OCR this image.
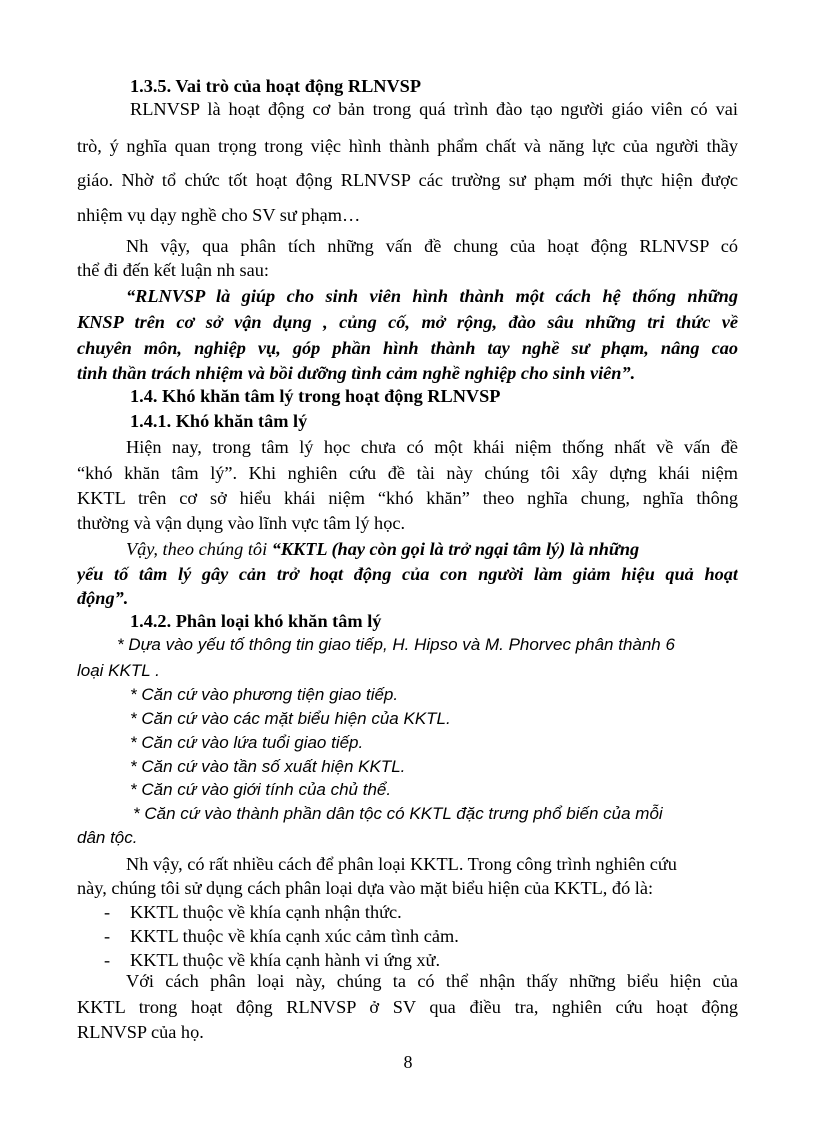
1.3.5. Vai trò của hoạt động RLNVSP

RLNVSP là hoạt động cơ bản trong quá trình đào tạo người giáo viên có vai

trò, ý nghĩa quan trọng trong việc hình thành phẩm chất và năng lực của người thầy

giáo. Nhờ tổ chức tốt hoạt động RLNVSP các trường sư phạm mới thực hiện được

nhiệm vụ dạy nghề cho SV sư phạm…

Nh vậy, qua phân tích những vấn đề chung của hoạt động RLNVSP có

thể đi đến kết luận nh sau:

“RLNVSP là giúp cho sinh viên hình thành một cách hệ thống những

KNSP trên cơ sở vận dụng , củng cố, mở rộng, đào sâu những tri thức về

chuyên môn, nghiệp vụ, góp phần hình thành tay nghề sư phạm, nâng cao

tinh thần trách nhiệm và bồi dưỡng tình cảm nghề nghiệp cho sinh viên”.

1.4. Khó khăn tâm lý trong hoạt động RLNVSP

1.4.1. Khó khăn tâm lý

Hiện nay, trong tâm lý học chưa có một khái niệm thống nhất về vấn đề

“khó khăn tâm lý”. Khi nghiên cứu đề tài này chúng tôi xây dựng khái niệm

KKTL trên cơ sở hiểu khái niệm “khó khăn” theo nghĩa chung, nghĩa thông

thường và vận dụng vào lĩnh vực tâm lý học.

Vậy, theo chúng tôi “KKTL (hay còn gọi là trở ngại tâm lý) là những

yếu tố tâm lý gây cản trở hoạt động của con người làm giảm hiệu quả hoạt

động”.

1.4.2. Phân loại khó khăn tâm lý

* Dựa vào yếu tố thông tin giao tiếp, H. Hipso và M. Phorvec phân thành 6

loại KKTL .

* Căn cứ vào phương tiện giao tiếp.

* Căn cứ vào các mặt biểu hiện của KKTL.

* Căn cứ vào lứa tuổi giao tiếp.

* Căn cứ vào tần số xuất hiện KKTL.

* Căn cứ vào giới tính của chủ thể.

* Căn cứ vào thành phần dân tộc có KKTL đặc trưng phổ biến của mỗi

dân tộc.

Nh vậy, có rất nhiều cách để phân loại KKTL. Trong công trình nghiên cứu

này, chúng tôi sử dụng cách phân loại dựa vào mặt biểu hiện của KKTL, đó là:

- KKTL thuộc về khía cạnh nhận thức.

- KKTL thuộc về khía cạnh xúc cảm tình cảm.

- KKTL thuộc về khía cạnh hành vi ứng xử.

Với cách phân loại này, chúng ta có thể nhận thấy những biểu hiện của

KKTL trong hoạt động RLNVSP ở SV qua điều tra, nghiên cứu hoạt động

RLNVSP của họ.

8
